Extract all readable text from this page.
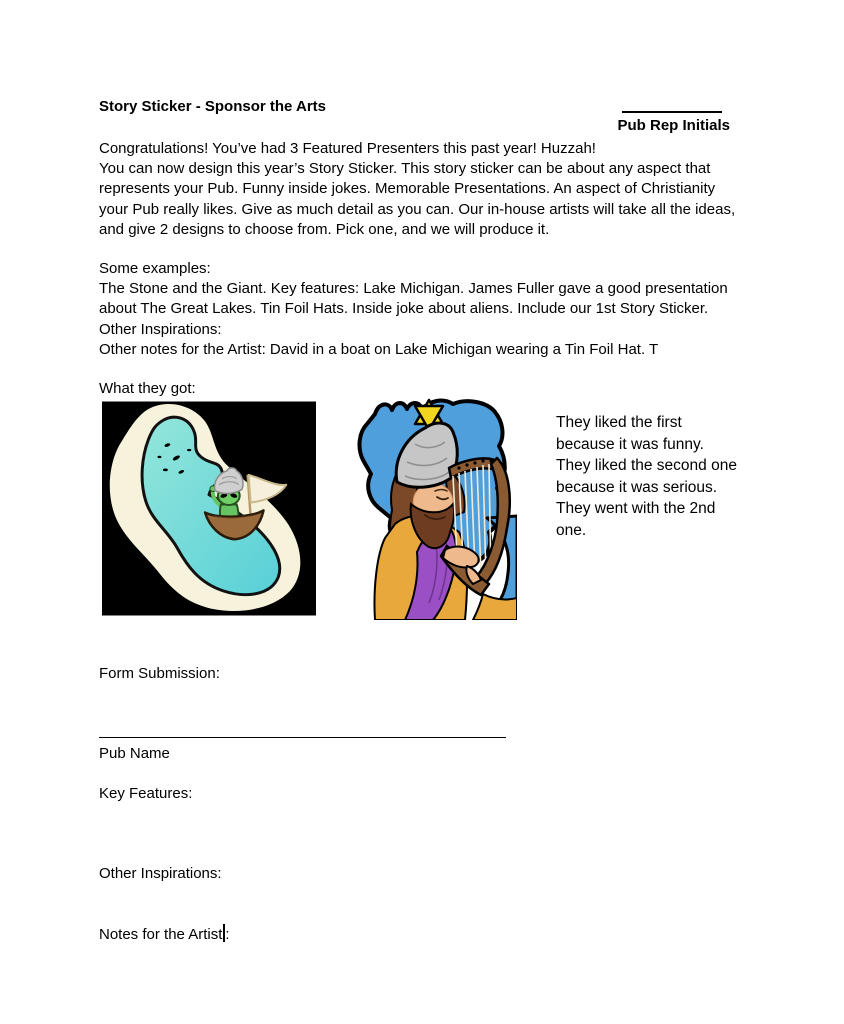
Story Sticker - Sponsor the Arts
Pub Rep Initials
Congratulations! You’ve had 3 Featured Presenters this past year! Huzzah!
You can now design this year’s Story Sticker. This story sticker can be about any aspect that
represents your Pub. Funny inside jokes. Memorable Presentations. An aspect of Christianity
your Pub really likes. Give as much detail as you can. Our in-house artists will take all the ideas,
and give 2 designs to choose from. Pick one, and we will produce it.
Some examples:
The Stone and the Giant. Key features: Lake Michigan. James Fuller gave a good presentation
about The Great Lakes. Tin Foil Hats. Inside joke about aliens. Include our 1st Story Sticker.
Other Inspirations:
Other notes for the Artist: David in a boat on Lake Michigan wearing a Tin Foil Hat. T
What they got:
They liked the first
because it was funny.
They liked the second one
because it was serious.
They went with the 2nd
one.
Form Submission:
Pub Name
Key Features:
Other Inspirations:
Notes for the Artist :
